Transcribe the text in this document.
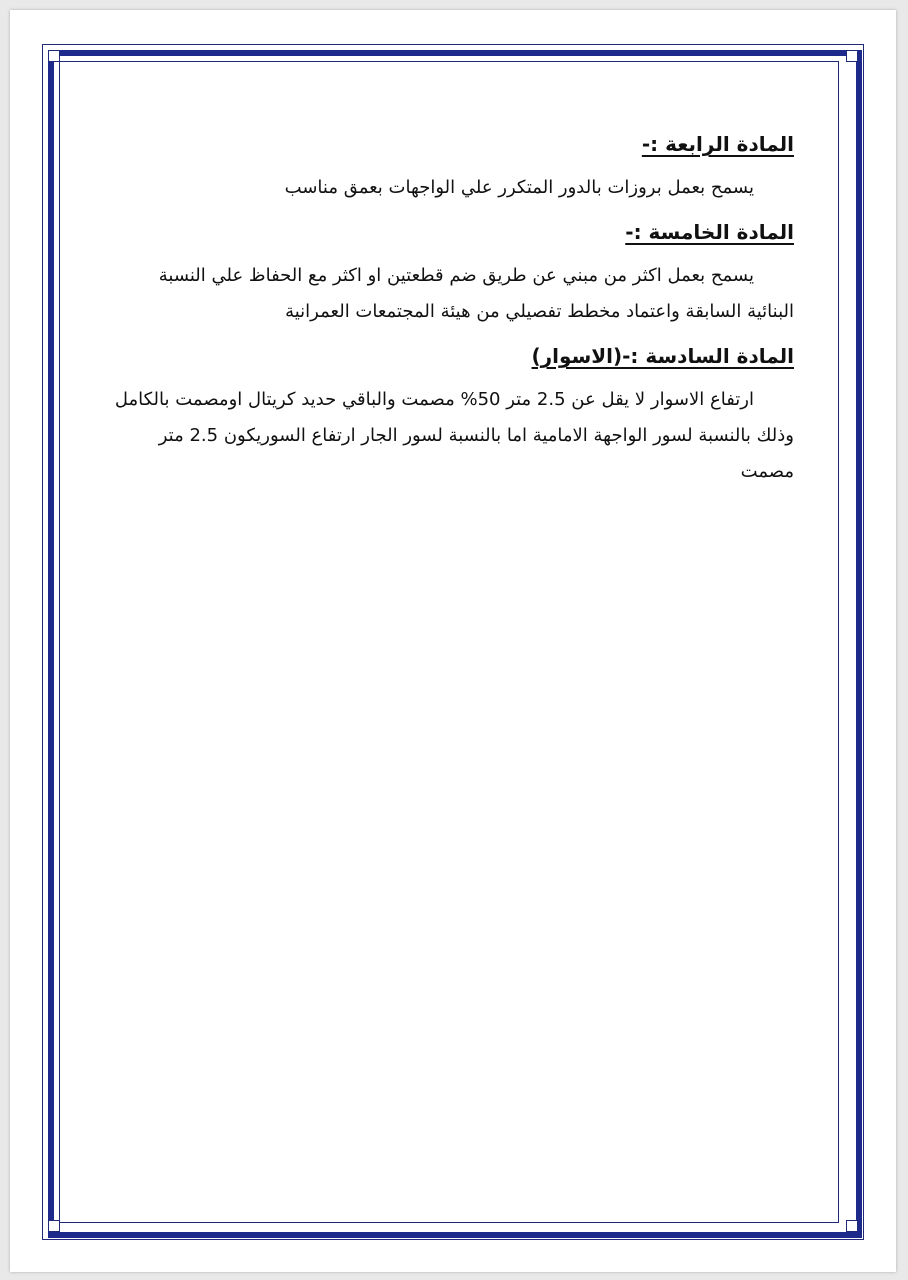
المادة الرابعة :-

يسمح بعمل بروزات بالدور المتكرر علي الواجهات بعمق مناسب

المادة الخامسة :-

يسمح بعمل اكثر من مبني عن طريق ضم قطعتين او اكثر مع الحفاظ علي النسبة البنائية السابقة واعتماد مخطط تفصيلي من هيئة المجتمعات العمرانية

المادة السادسة :-(الاسوار)

ارتفاع الاسوار لا يقل عن 2.5 متر 50% مصمت والباقي حديد كريتال اومصمت بالكامل وذلك بالنسبة لسور الواجهة الامامية اما بالنسبة لسور الجار ارتفاع السوريكون 2.5 متر مصمت
